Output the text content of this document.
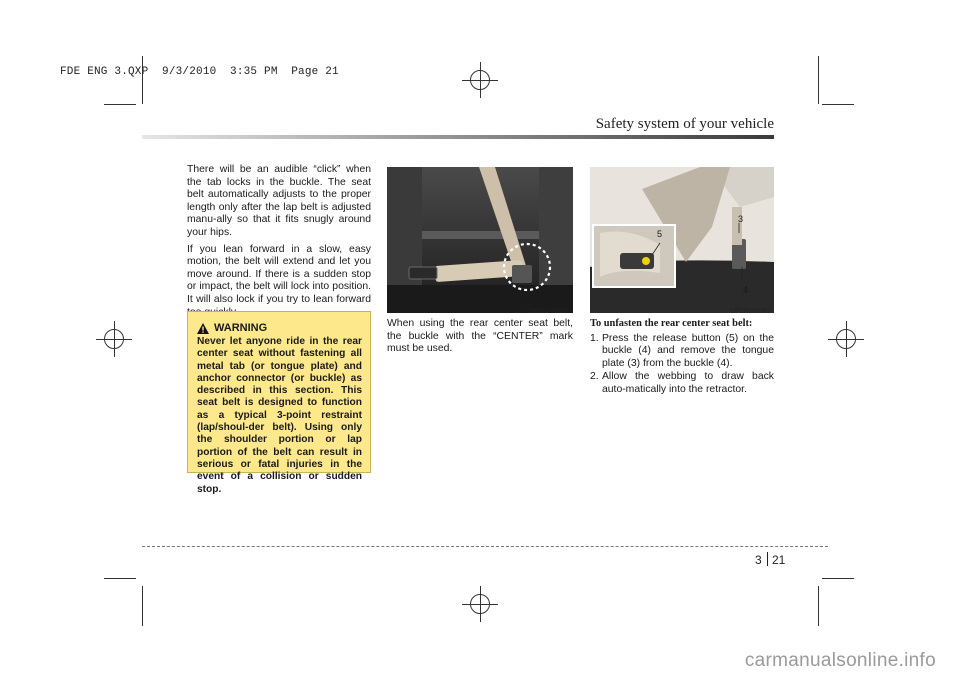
FDE ENG 3.QXP  9/3/2010  3:35 PM  Page 21
Safety system of your vehicle

There will be an audible “click” when the tab locks in the buckle. The seat belt automatically adjusts to the proper length only after the lap belt is adjusted manu-ally so that it fits snugly around your hips.

If you lean forward in a slow, easy motion, the belt will extend and let you move around. If there is a sudden stop or impact, the belt will lock into position. It will also lock if you try to lean forward

WARNING
Never let anyone ride in the rear center seat without fastening all metal tab (or tongue plate) and anchor connector (or buckle) as described in this section. This seat belt is designed to function as a typical 3-point restraint (lap/shoul-der belt). Using only the shoulder portion or lap portion of the belt can result in serious or fatal injuries in the event of a collision or sudden stop.
OFD037056
When using the rear center seat belt, the buckle with the “CENTER” mark must be used.
3
4
5
OFD037057
To unfasten the rear center seat belt:
1. Press the release button (5) on the buckle (4) and remove the tongue plate (3) from the buckle (4).
2. Allow the webbing to draw back auto-matically into the retractor.
3 21
carmanualsonline.info
